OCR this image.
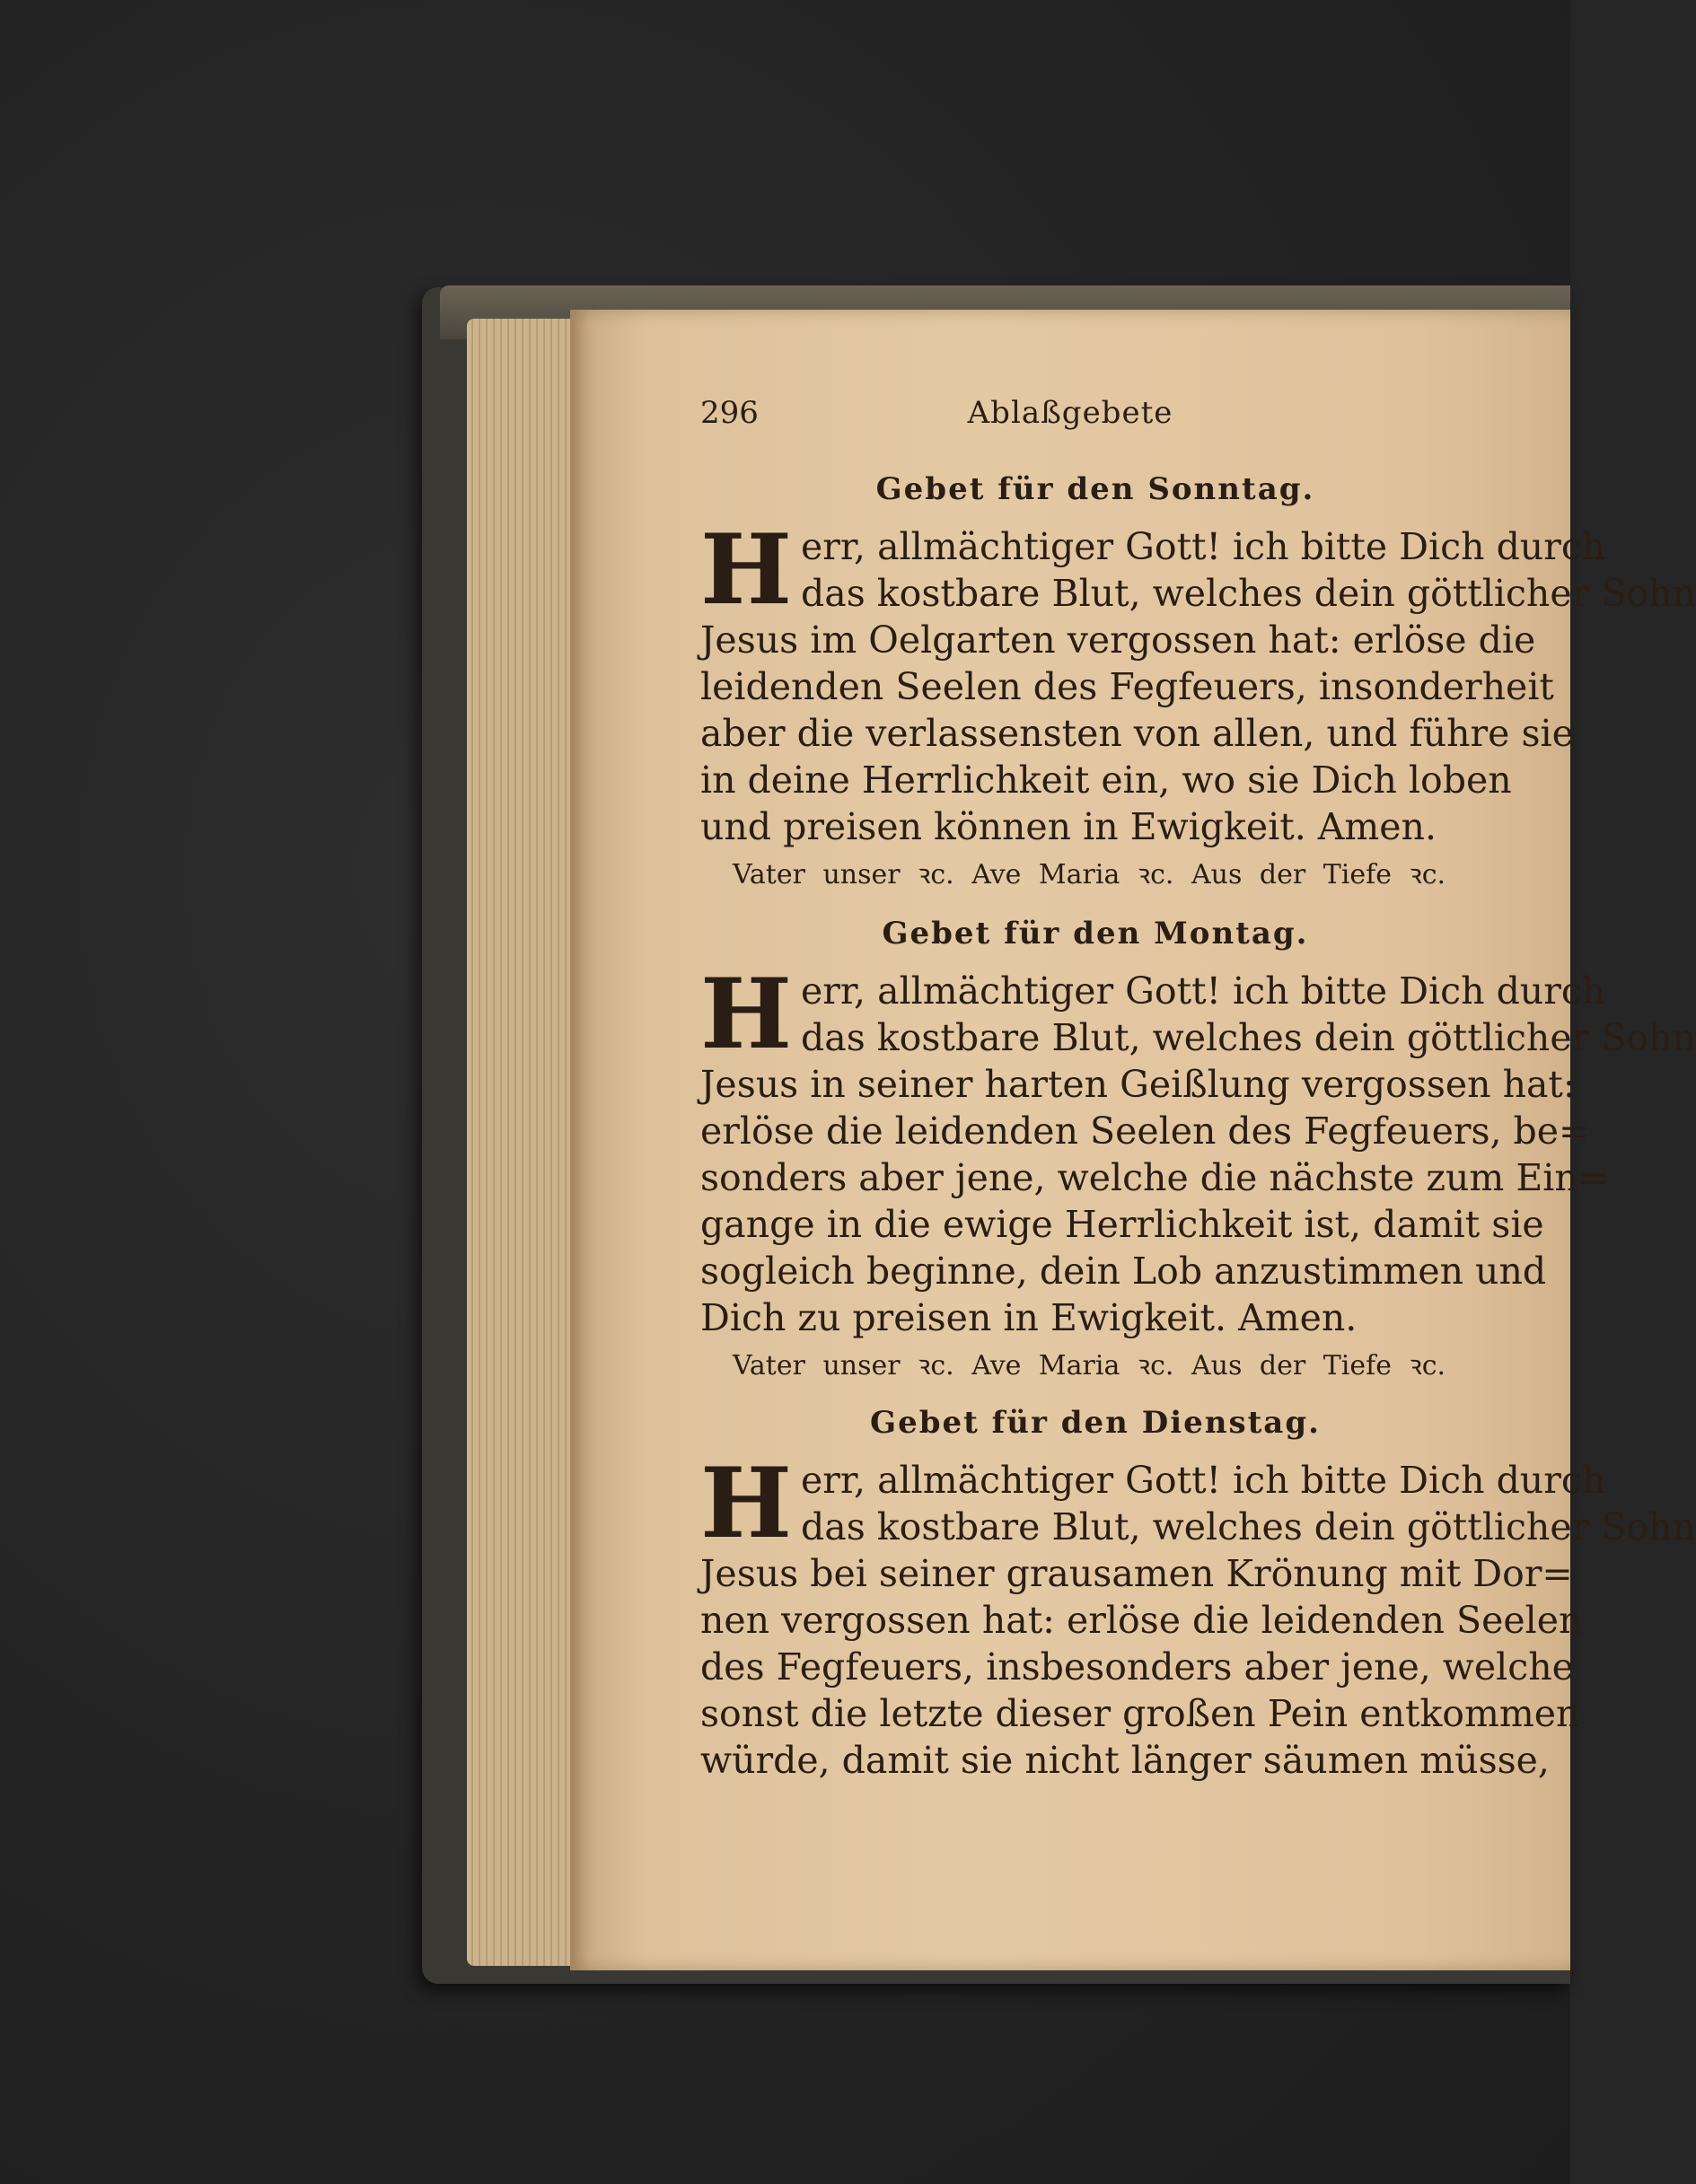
296	Ablaßgebete
Gebet für den Sonntag.
H err, allmächtiger Gott! ich bitte Dich durch
das kostbare Blut, welches dein göttlicher Sohn
Jesus im Oelgarten vergossen hat: erlöse die
leidenden Seelen des Fegfeuers, insonderheit
aber die verlassensten von allen, und führe sie
in deine Herrlichkeit ein, wo sie Dich loben
und preisen können in Ewigkeit. Amen.
Vater unser ꝛc. Ave Maria ꝛc. Aus der Tiefe ꝛc.
Gebet für den Montag.
H err, allmächtiger Gott! ich bitte Dich durch
das kostbare Blut, welches dein göttlicher Sohn
Jesus in seiner harten Geißlung vergossen hat:
erlöse die leidenden Seelen des Fegfeuers, be=
sonders aber jene, welche die nächste zum Ein=
gange in die ewige Herrlichkeit ist, damit sie
sogleich beginne, dein Lob anzustimmen und
Dich zu preisen in Ewigkeit. Amen.
Vater unser ꝛc. Ave Maria ꝛc. Aus der Tiefe ꝛc.
Gebet für den Dienstag.
H err, allmächtiger Gott! ich bitte Dich durch
das kostbare Blut, welches dein göttlicher Sohn
Jesus bei seiner grausamen Krönung mit Dor=
nen vergossen hat: erlöse die leidenden Seelen
des Fegfeuers, insbesonders aber jene, welche
sonst die letzte dieser großen Pein entkommen
würde, damit sie nicht länger säumen müsse,
